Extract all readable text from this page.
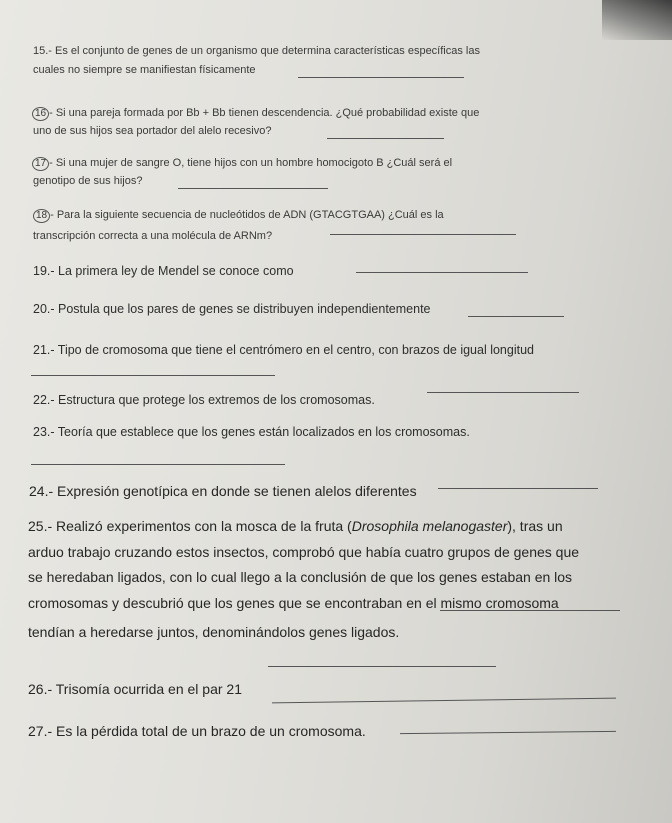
15.- Es el conjunto de genes de un organismo que determina características específicas las

cuales no siempre se manifiestan físicamente

16 - Si una pareja formada por Bb + Bb tienen descendencia. ¿Qué probabilidad existe que

uno de sus hijos sea portador del alelo recesivo?

17 - Si una mujer de sangre O, tiene hijos con un hombre homocigoto B ¿Cuál será el

genotipo de sus hijos?

18 - Para la siguiente secuencia de nucleótidos de ADN (GTACGTGAA) ¿Cuál es la

transcripción correcta a una molécula de ARNm?

19.- La primera ley de Mendel se conoce como

20.- Postula que los pares de genes se distribuyen independientemente

21.- Tipo de cromosoma que tiene el centrómero en el centro, con brazos de igual longitud

22.- Estructura que protege los extremos de los cromosomas.

23.- Teoría que establece que los genes están localizados en los cromosomas.

24.- Expresión genotípica en donde se tienen alelos diferentes

25.- Realizó experimentos con la mosca de la fruta (Drosophila melanogaster), tras un

arduo trabajo cruzando estos insectos, comprobó que había cuatro grupos de genes que

se heredaban ligados, con lo cual llego a la conclusión de que los genes estaban en los

cromosomas y descubrió que los genes que se encontraban en el mismo cromosoma

tendían a heredarse juntos, denominándolos genes ligados.

26.- Trisomía ocurrida en el par 21

27.- Es la pérdida total de un brazo de un cromosoma.
